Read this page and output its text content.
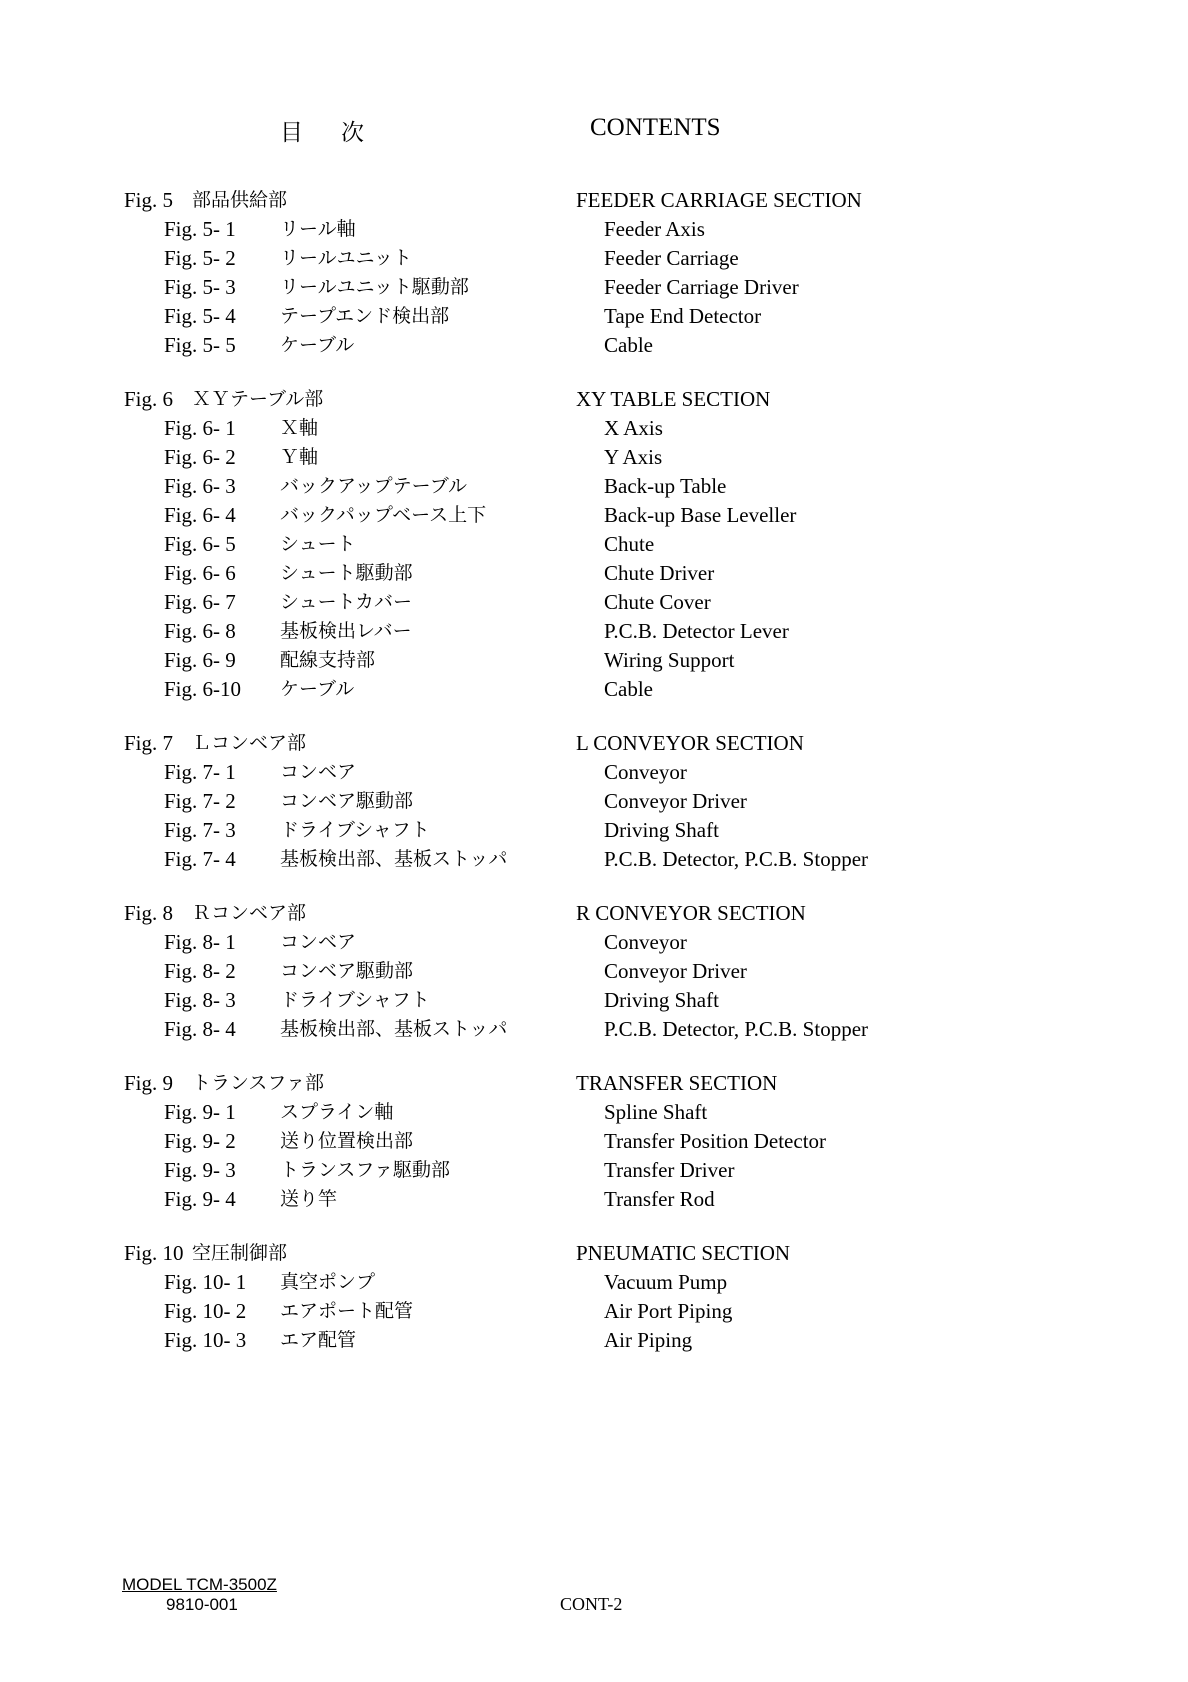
目次	CONTENTS
Fig. 5 部品供給部	FEEDER CARRIAGE SECTION
Fig. 5- 1 リール軸	Feeder Axis
Fig. 5- 2 リールユニット	Feeder Carriage
Fig. 5- 3 リールユニット駆動部	Feeder Carriage Driver
Fig. 5- 4 テープエンド検出部	Tape End Detector
Fig. 5- 5 ケーブル	Cable
Fig. 6 ＸＹテーブル部	XY TABLE SECTION
Fig. 6- 1 Ｘ軸	X Axis
Fig. 6- 2 Ｙ軸	Y Axis
Fig. 6- 3 バックアップテーブル	Back-up Table
Fig. 6- 4 バックパップベース上下	Back-up Base Leveller
Fig. 6- 5 シュート	Chute
Fig. 6- 6 シュート駆動部	Chute Driver
Fig. 6- 7 シュートカバー	Chute Cover
Fig. 6- 8 基板検出レバー	P.C.B. Detector Lever
Fig. 6- 9 配線支持部	Wiring Support
Fig. 6-10 ケーブル	Cable
Fig. 7 Ｌコンベア部	L CONVEYOR SECTION
Fig. 7- 1 コンベア	Conveyor
Fig. 7- 2 コンベア駆動部	Conveyor Driver
Fig. 7- 3 ドライブシャフト	Driving Shaft
Fig. 7- 4 基板検出部、基板ストッパ	P.C.B. Detector, P.C.B. Stopper
Fig. 8 Ｒコンベア部	R CONVEYOR SECTION
Fig. 8- 1 コンベア	Conveyor
Fig. 8- 2 コンベア駆動部	Conveyor Driver
Fig. 8- 3 ドライブシャフト	Driving Shaft
Fig. 8- 4 基板検出部、基板ストッパ	P.C.B. Detector, P.C.B. Stopper
Fig. 9 トランスファ部	TRANSFER SECTION
Fig. 9- 1 スプライン軸	Spline Shaft
Fig. 9- 2 送り位置検出部	Transfer Position Detector
Fig. 9- 3 トランスファ駆動部	Transfer Driver
Fig. 9- 4 送り竿	Transfer Rod
Fig. 10 空圧制御部	PNEUMATIC SECTION
Fig. 10- 1 真空ポンプ	Vacuum Pump
Fig. 10- 2 エアポート配管	Air Port Piping
Fig. 10- 3 エア配管	Air Piping
MODEL TCM-3500Z
9810-001	CONT-2
